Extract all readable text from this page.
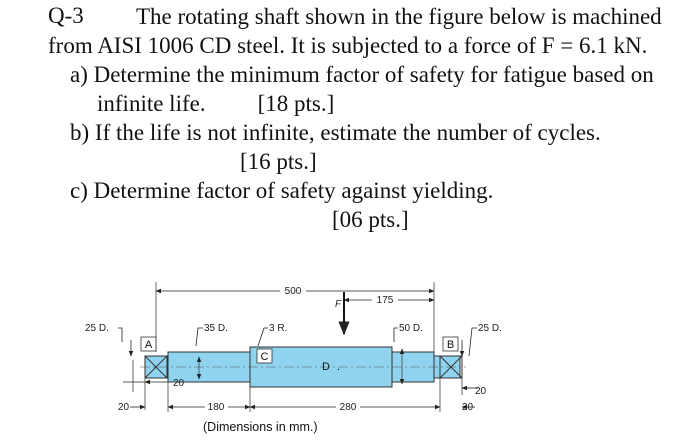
Q-3 The rotating shaft shown in the figure below is machined
from AISI 1006 CD steel. It is subjected to a force of F = 6.1 kN.
a) Determine the minimum factor of safety for fatigue based on
infinite life. [18 pts.]
b) If the life is not infinite, estimate the number of cycles.
[16 pts.]
c) Determine factor of safety against yielding.
[06 pts.]
500
F	175
25 D.	35 D.	3 R.	50 D.	25 D.
A	B
C
D .
20
20	180	280
20
20
(Dimensions in mm.)
